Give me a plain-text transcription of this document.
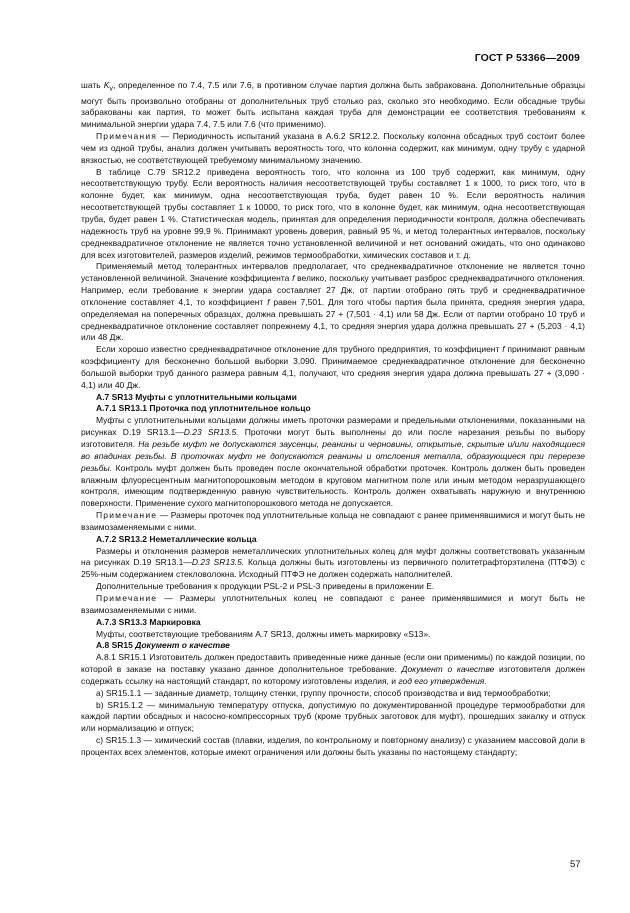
ГОСТ Р 53366—2009

шать $K_v$, определенное по 7.4, 7.5 или 7.6, в противном случае партия должна быть забракована. Дополнительные образцы могут быть произвольно отобраны от дополнительных труб столько раз, сколько это необходимо. Если обсадные трубы забракованы как партия, то может быть испытана каждая труба для демонстрации ее соответствия требованиям к минимальной энергии удара 7.4, 7.5 или 7.6 (что применимо).

Примечания — Периодичность испытаний указана в А.6.2 SR12.2. Поскольку колонна обсадных труб состоит более чем из одной трубы, анализ должен учитывать вероятность того, что колонна содержит, как минимум, одну трубу с ударной вязкостью, не соответствующей требуемому минимальному значению.

В таблице С.79 SR12.2 приведена вероятность того, что колонна из 100 труб содержит, как минимум, одну несоответствующую трубу. Если вероятность наличия несоответствующей трубы составляет 1 к 1000, то риск того, что в колонне будет, как минимум, одна несоответствующая труба, будет равен 10 %. Если вероятность наличия несоответствующей трубы составляет 1 к 10000, то риск того, что в колонне будет, как минимум, одна несоответствующая труба, будет равен 1 %. Статистическая модель, принятая для определения периодичности контроля, должна обеспечивать надежность труб на уровне 99,9 %. Принимают уровень доверия, равный 95 %, и метод толерантных интервалов, поскольку среднеквадратичное отклонение не является точно установленной величиной и нет оснований ожидать, что оно одинаково для всех изготовителей, размеров изделий, режимов термообработки, химических составов и т. д.

Применяемый метод толерантных интервалов предполагает, что среднеквадратичное отклонение не является точно установленной величиной. Значение коэффициента f велико, поскольку учитывает разброс среднеквадратичного отклонения. Например, если требование к энергии удара составляет 27 Дж, от партии отобрано пять труб и среднеквадратичное отклонение составляет 4,1, то коэффициент f равен 7,501. Для того чтобы партия была принята, средняя энергия удара, определяемая на поперечных образцах, должна превышать 27 + (7,501 · 4,1) или 58 Дж. Если от партии отобрано 10 труб и среднеквадратичное отклонение составляет попрежнему 4,1, то средняя энергия удара должна превышать 27 + (5,203 · 4,1) или 48 Дж.

Если хорошо известно среднеквадратичное отклонение для трубного предприятия, то коэффициент f принимают равным коэффициенту для бесконечно большой выборки 3,090. Принимаемое среднеквадратичное отклонение для бесконечно большой выборки труб данного размера равным 4,1, получают, что средняя энергия удара должна превышать 27 + (3,090 · 4,1) или 40 Дж.

А.7 SR13 Муфты с уплотнительными кольцами

А.7.1 SR13.1 Проточка под уплотнительное кольцо

Муфты с уплотнительными кольцами должны иметь проточки размерами и предельными отклонениями, показанными на рисунках D.19 SR13.1—D.23 SR13.5. Проточки могут быть выполнены до или после нарезания резьбы по выбору изготовителя. На резьбе муфт не допускаются заусенцы, реанины и черновины, открытые, скрытые и/или находящиеся во впадинах резьбы. В проточках муфт не допускаются реанины и отслоения металла, образующиеся при перерезе резьбы. Контроль муфт должен быть проведен после окончательной обработки проточек. Контроль должен быть проведен влажным флуоресцентным магнитопорошковым методом в круговом магнитном поле или иным методом неразрушающего контроля, имеющим подтвержденную равную чувствительность. Контроль должен охватывать наружную и внутреннюю поверхности. Применение сухого магнитопорошкового метода не допускается.

Примечание — Размеры проточек под уплотнительные кольца не совпадают с ранее применявшимися и могут быть не взаимозаменяемыми с ними.

А.7.2 SR13.2 Неметаллические кольца

Размеры и отклонения размеров неметаллических уплотнительных колец для муфт должны соответствовать указанным на рисунках D.19 SR13.1—D.23 SR13.5. Кольца должны быть изготовлены из первичного политетрафторэтилена (ПТФЭ) с 25%-ным содержанием стекловолокна. Исходный ПТФЭ не должен содержать наполнителей.

Дополнительные требования к продукции PSL-2 и PSL-3 приведены в приложении Е.

Примечание — Размеры уплотнительных колец не совпадают с ранее применявшимися и могут быть не взаимозаменяемыми с ними.

А.7.3 SR13.3 Маркировка

Муфты, соответствующие требованиям А.7 SR13, должны иметь маркировку «S13».

А.8 SR15 Документ о качестве

А.8.1 SR15.1 Изготовитель должен предоставить приведенные ниже данные (если они применимы) по каждой позиции, по которой в заказе на поставку указано данное дополнительное требование. Документ о качестве изготовителя должен содержать ссылку на настоящий стандарт, по которому изготовлены изделия, и год его утверждения.

а) SR15.1.1 — заданные диаметр, толщину стенки, группу прочности, способ производства и вид термообработки;

b) SR15.1.2 — минимальную температуру отпуска, допустимую по документированной процедуре термообработки для каждой партии обсадных и насосно-компрессорных труб (кроме трубных заготовок для муфт), прошедших закалку и отпуск или нормализацию и отпуск;

с) SR15.1.3 — химический состав (плавки, изделия, по контрольному и повторному анализу) с указанием массовой доли в процентах всех элементов, которые имеют ограничения или должны быть указаны по настоящему стандарту;

57
